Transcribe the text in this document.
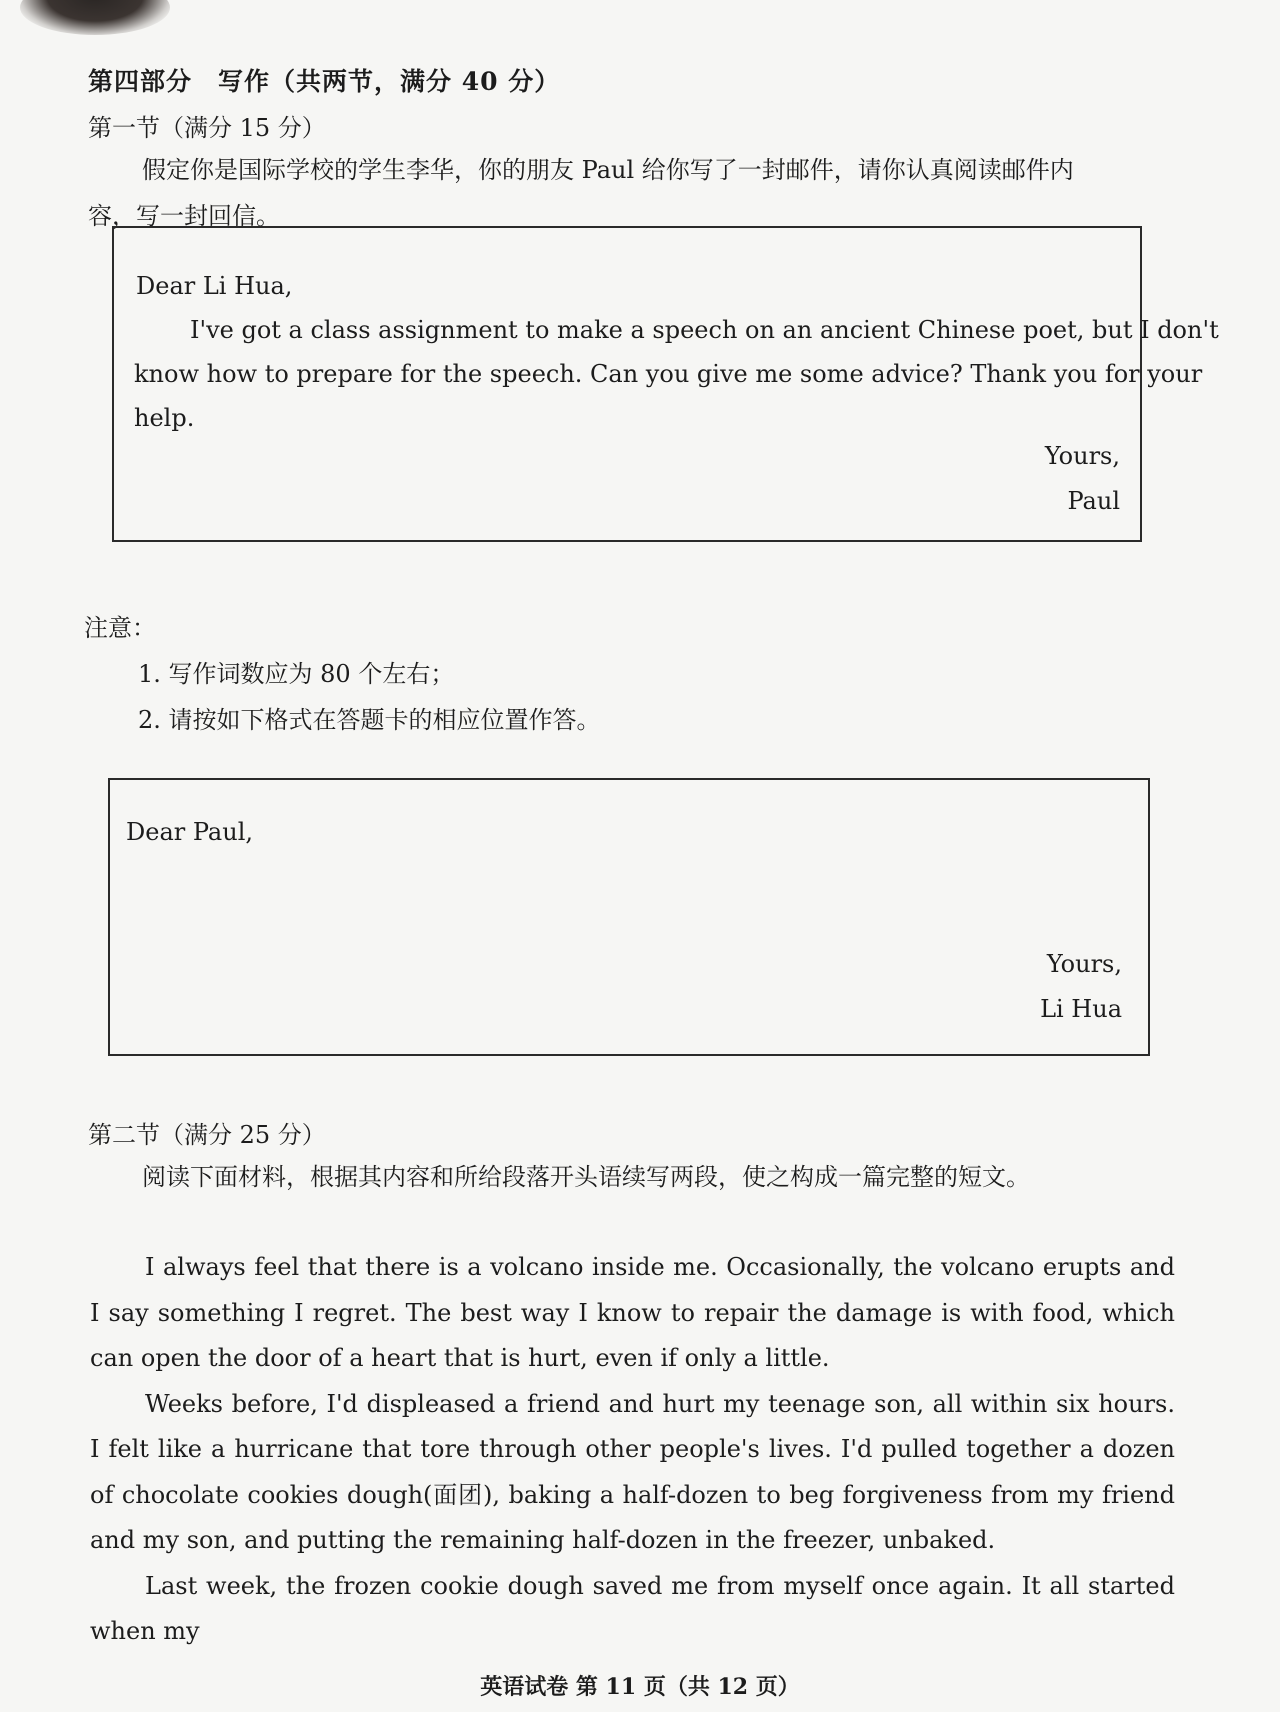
第四部分 写作（共两节，满分 40 分）
第一节（满分 15 分）
假定你是国际学校的学生李华，你的朋友 Paul 给你写了一封邮件，请你认真阅读邮件内
容，写一封回信。
Dear Li Hua,
I've got a class assignment to make a speech on an ancient Chinese poet, but I don't
know how to prepare for the speech. Can you give me some advice? Thank you for your
help.
Yours,
Paul
注意：
1. 写作词数应为 80 个左右；
2. 请按如下格式在答题卡的相应位置作答。
Dear Paul,
Yours,
Li Hua
第二节（满分 25 分）
阅读下面材料，根据其内容和所给段落开头语续写两段，使之构成一篇完整的短文。

I always feel that there is a volcano inside me. Occasionally, the volcano erupts and I say something I regret. The best way I know to repair the damage is with food, which can open the door of a heart that is hurt, even if only a little.

Weeks before, I'd displeased a friend and hurt my teenage son, all within six hours. I felt like a hurricane that tore through other people's lives. I'd pulled together a dozen of chocolate cookies dough(面团), baking a half-dozen to beg forgiveness from my friend and my son, and putting the remaining half-dozen in the freezer, unbaked.

Last week, the frozen cookie dough saved me from myself once again. It all started when my

英语试卷 第 11 页（共 12 页）
